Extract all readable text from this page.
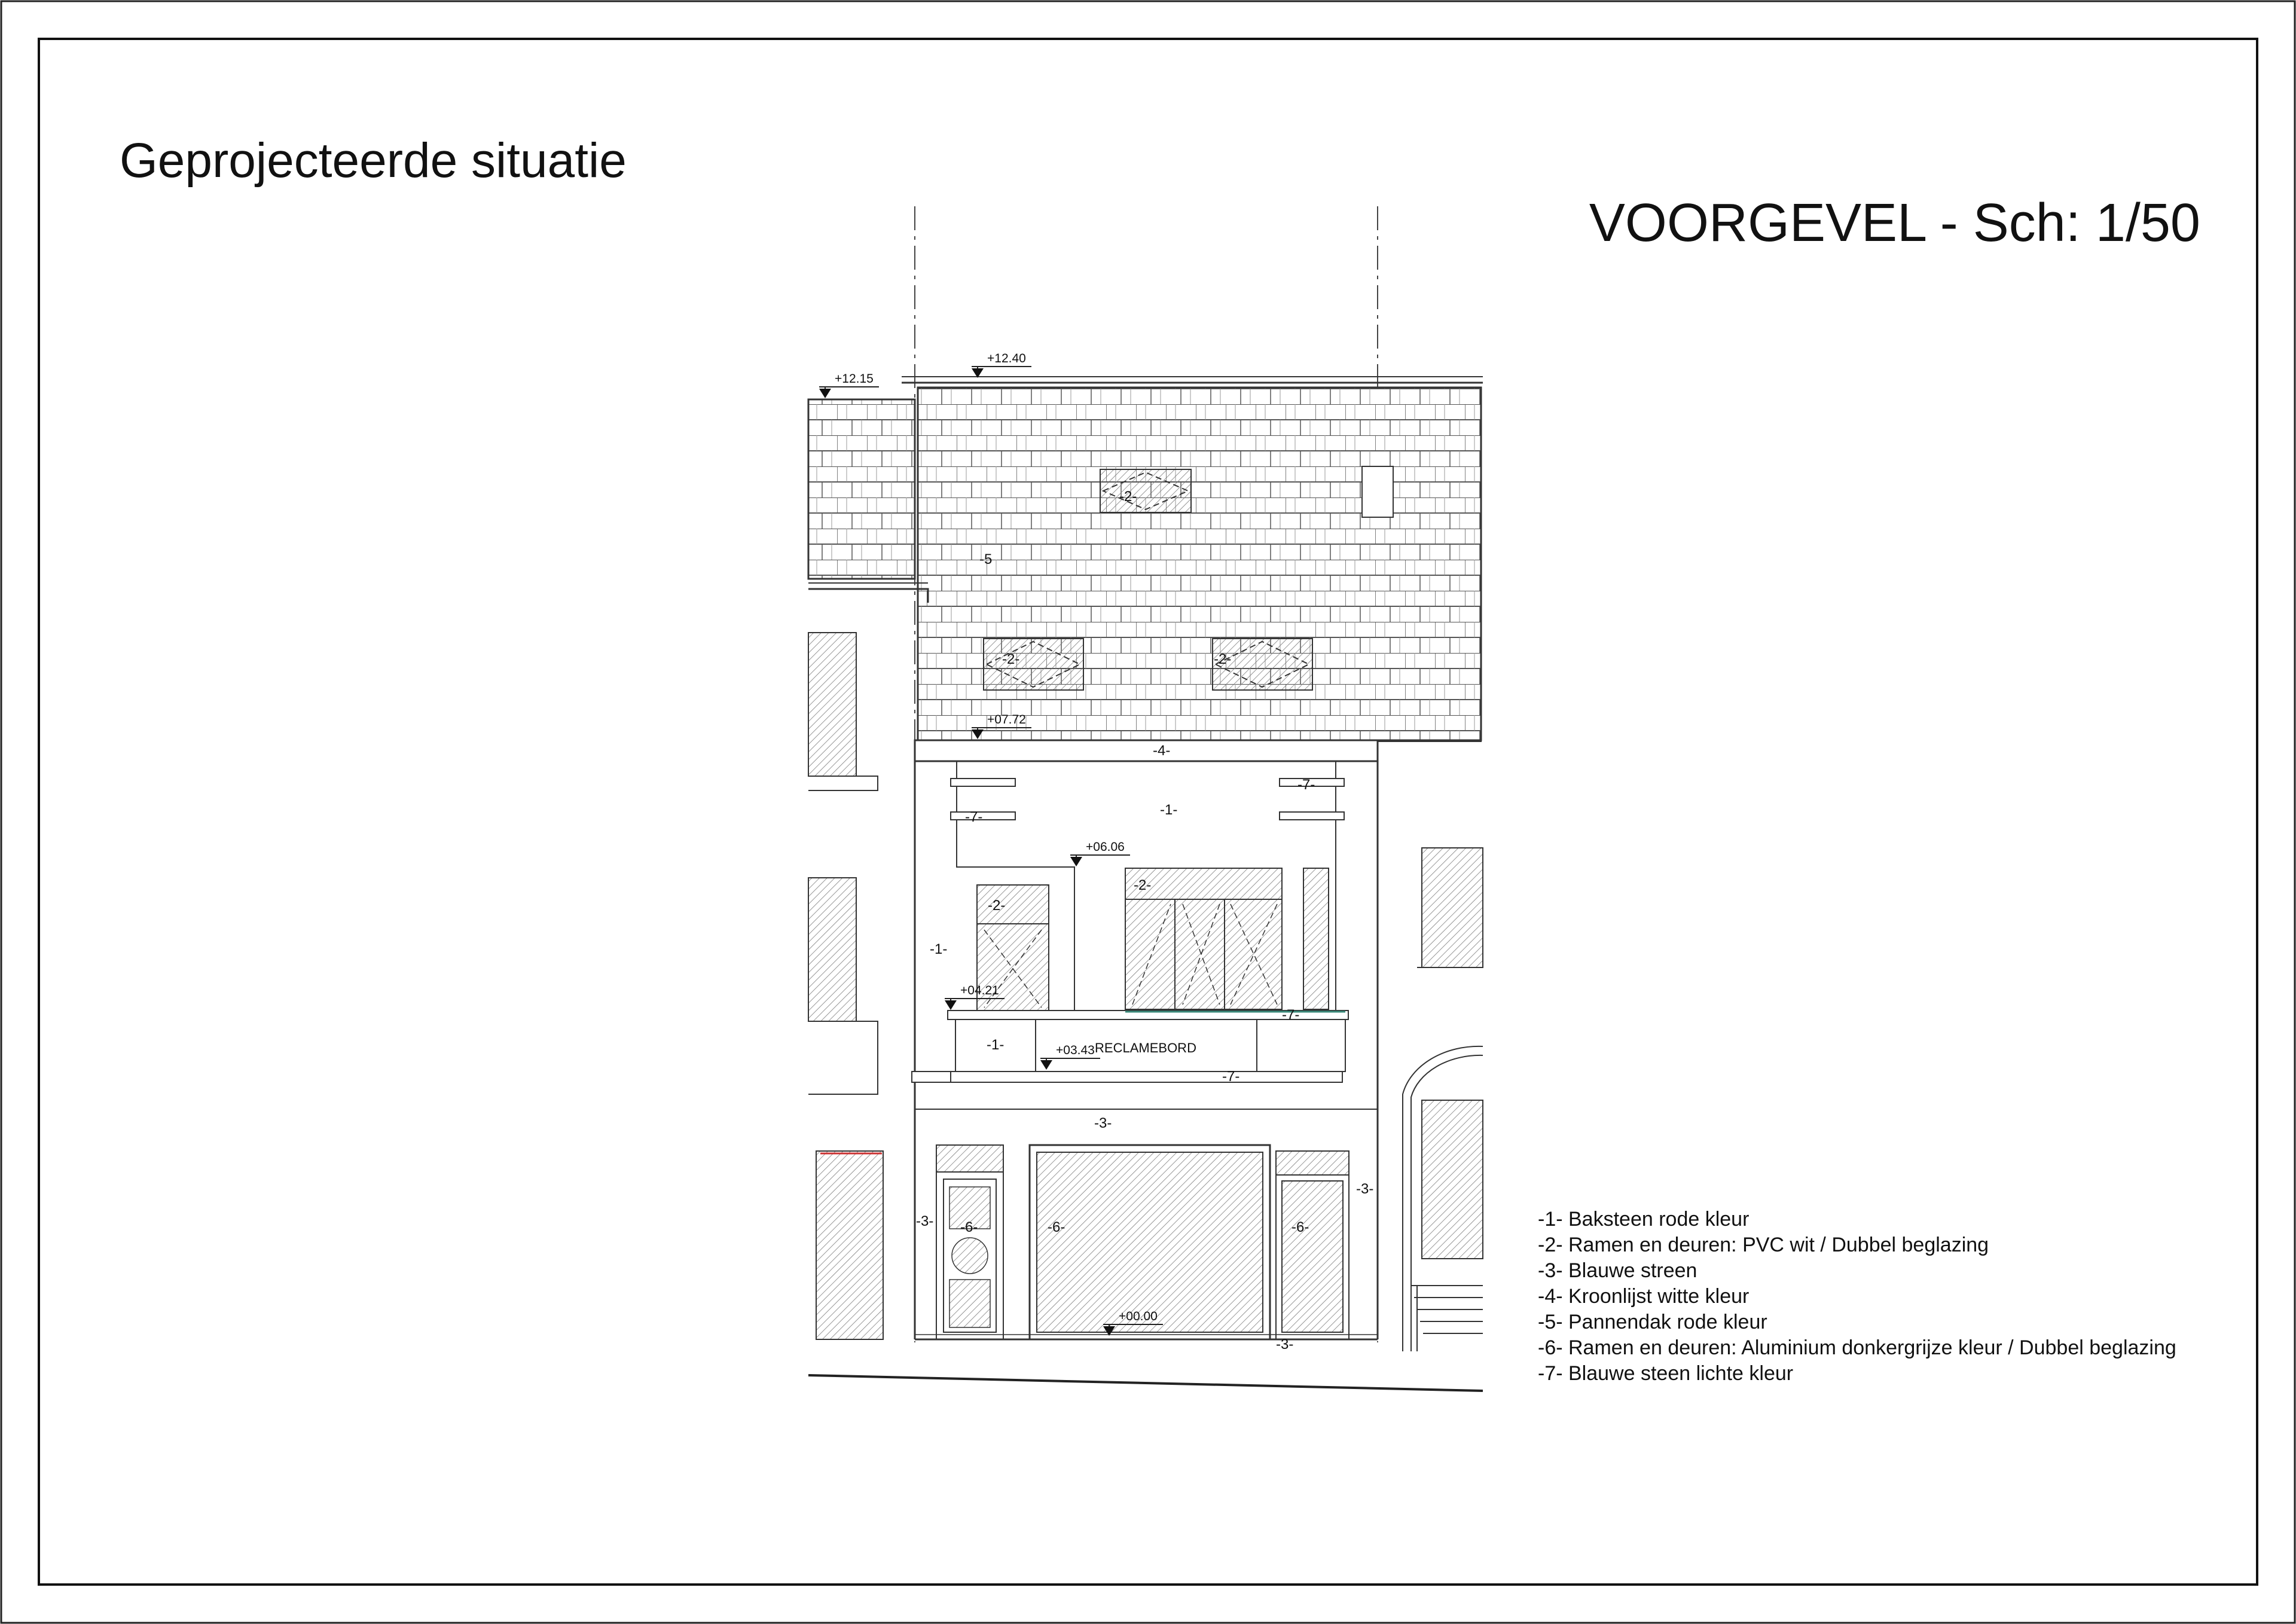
+12.15
+12.40
+07.72
+06.06
+04.21
+03.43
+00.00
-2-
-2-	-2-
-5
-4-
-1-
-7-
-7-
-2-
-2-
-1-
-7-
-1-
-7-
-3-
-3-
-3-
-6-	-6-	-6-
-3-
RECLAMEBORD
Geprojecteerde situatie
VOORGEVEL - Sch: 1/50
-1- Baksteen rode kleur
-2- Ramen en deuren: PVC wit / Dubbel beglazing
-3- Blauwe streen
-4- Kroonlijst witte kleur
-5- Pannendak rode kleur
-6- Ramen en deuren: Aluminium donkergrijze kleur / Dubbel beglazing
-7- Blauwe steen lichte kleur
